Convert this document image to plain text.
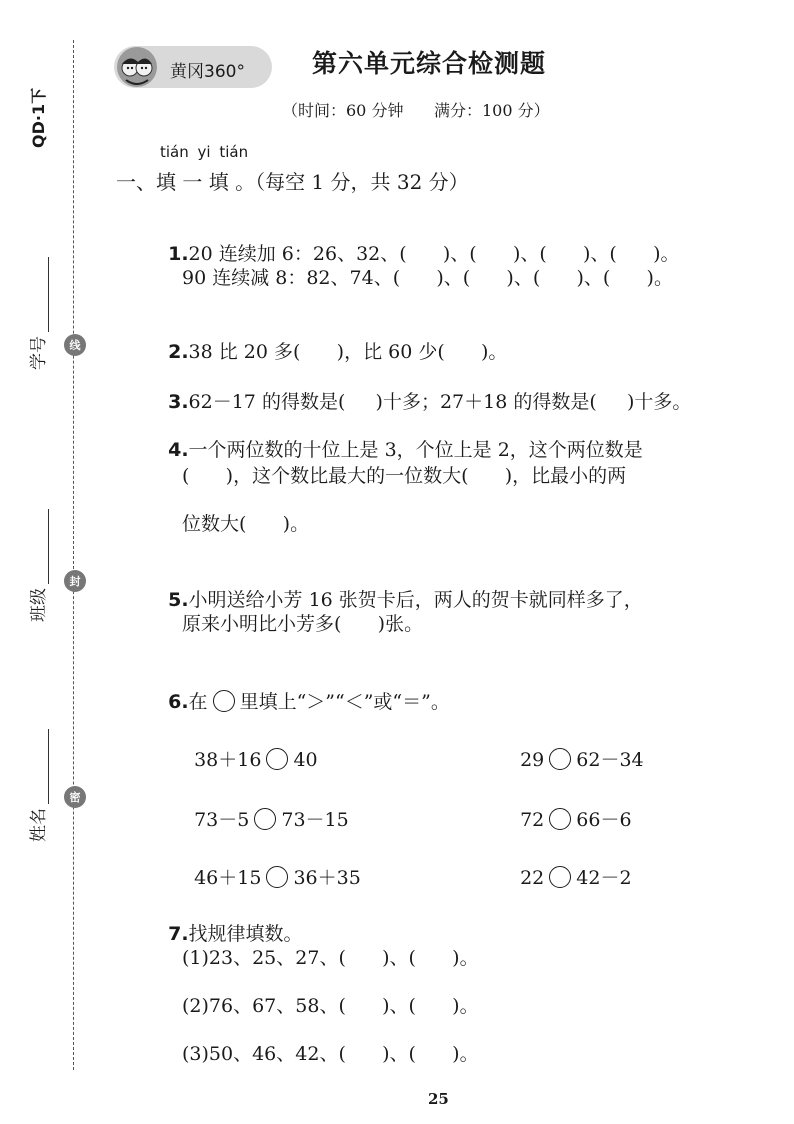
QD·1下
学号
班级
姓名
线
封
密
黄冈360°	第六单元综合检测题
（时间：60 分钟      满分：100 分）
tián yi tián
一、填 一 填 。（每空 1 分，共 32 分）

1.20 连续加 6：26、32、(      )、(      )、(      )、(      )。

90 连续减 8：82、74、(      )、(      )、(      )、(      )。

2.38 比 20 多(      )，比 60 少(      )。

3.62－17 的得数是(     )十多；27＋18 的得数是(     )十多。

4.一个两位数的十位上是 3，个位上是 2，这个两位数是

(      )，这个数比最大的一位数大(      )，比最小的两
位数大(      )。

5.小明送给小芳 16 张贺卡后，两人的贺卡就同样多了，

原来小明比小芳多(      )张。

6.在 里填上“＞”“＜”或“＝”。

38＋16 40	29 62－34

73－5 73－15	72 66－6

46＋15 36＋35	22 42－2

7.找规律填数。

(1)23、25、27、(      )、(      )。
(2)76、67、58、(      )、(      )。
(3)50、46、42、(      )、(      )。
25
